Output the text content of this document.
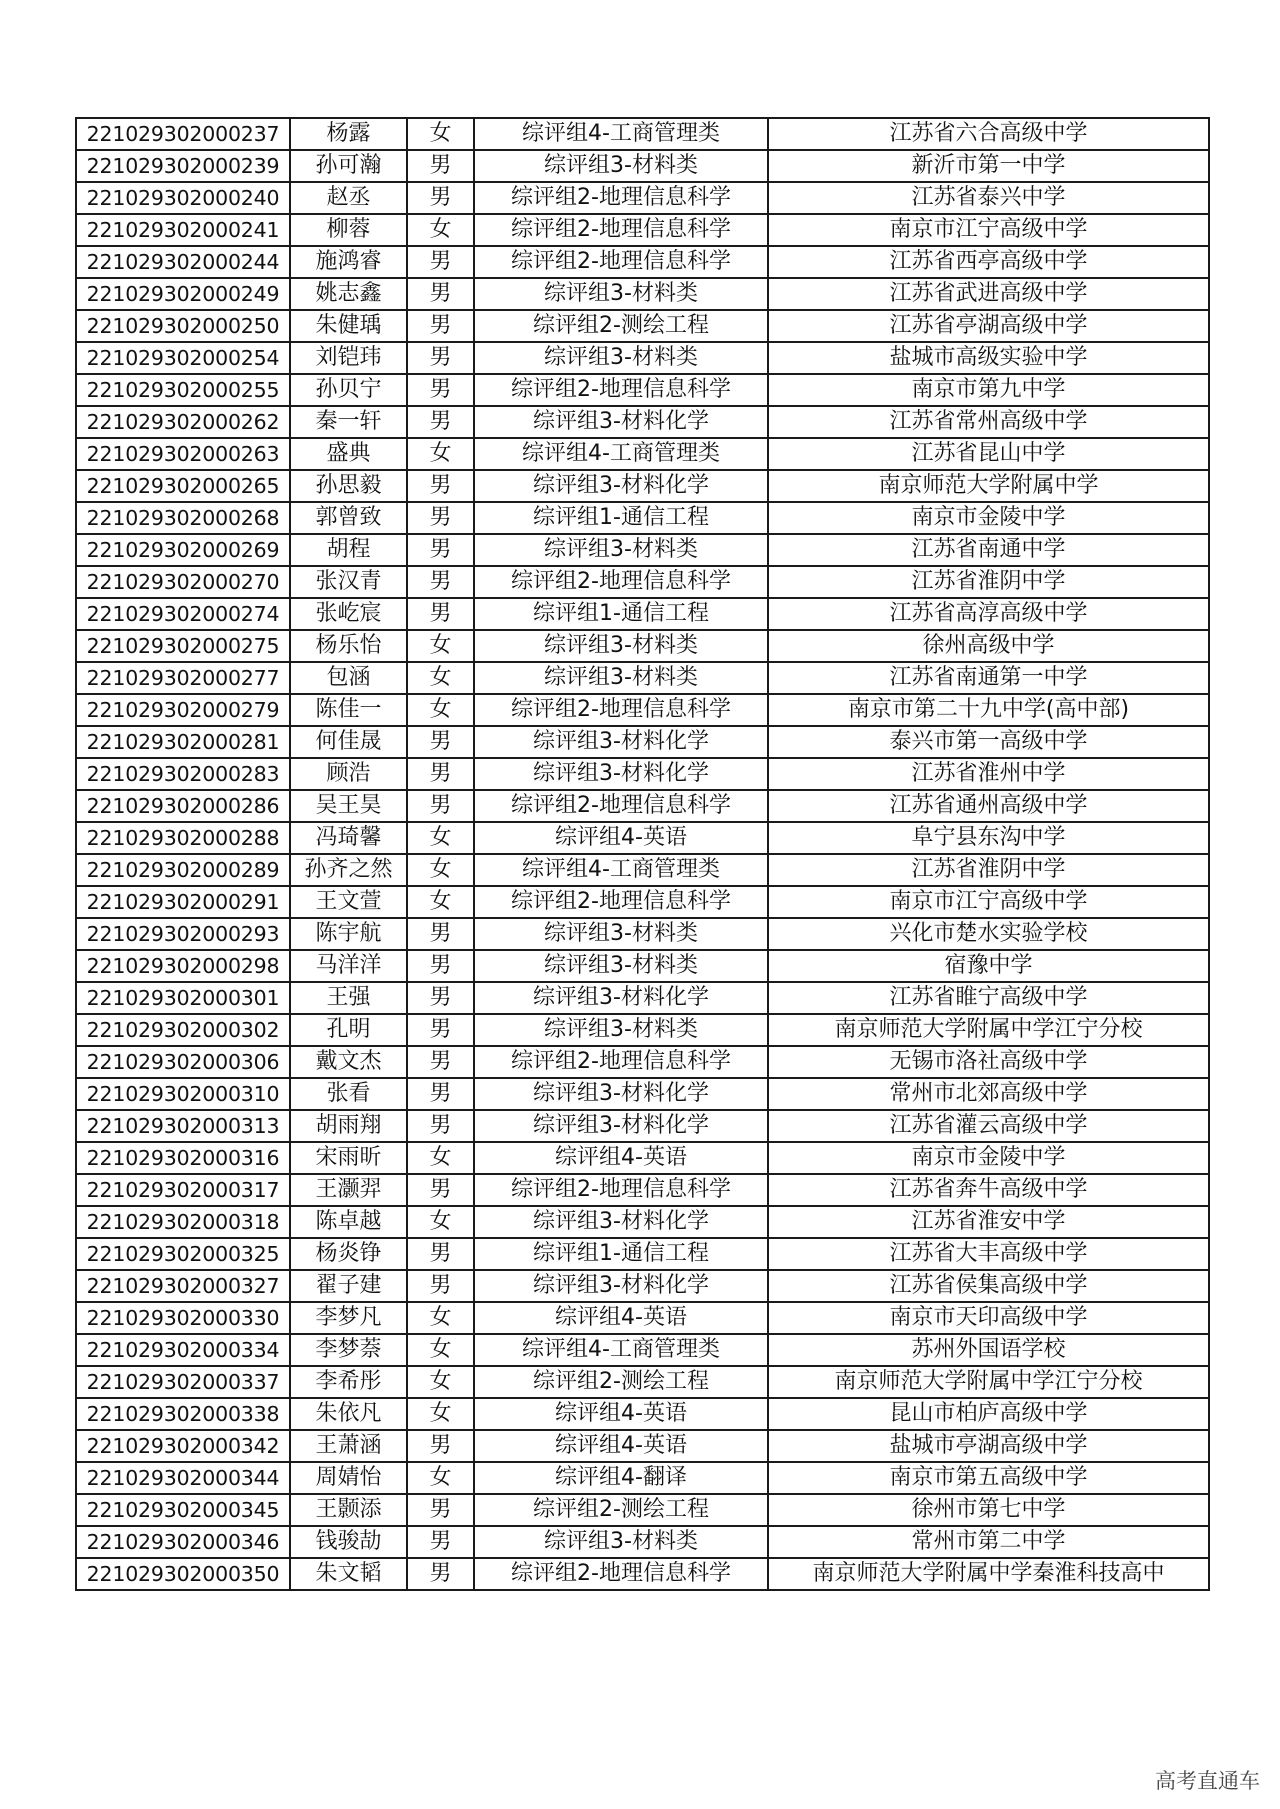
221029302000237	杨露	女	综评组4-工商管理类	江苏省六合高级中学
221029302000239	孙可瀚	男	综评组3-材料类	新沂市第一中学
221029302000240	赵丞	男	综评组2-地理信息科学	江苏省泰兴中学
221029302000241	柳蓉	女	综评组2-地理信息科学	南京市江宁高级中学
221029302000244	施鸿睿	男	综评组2-地理信息科学	江苏省西亭高级中学
221029302000249	姚志鑫	男	综评组3-材料类	江苏省武进高级中学
221029302000250	朱健瑀	男	综评组2-测绘工程	江苏省亭湖高级中学
221029302000254	刘铠玮	男	综评组3-材料类	盐城市高级实验中学
221029302000255	孙贝宁	男	综评组2-地理信息科学	南京市第九中学
221029302000262	秦一轩	男	综评组3-材料化学	江苏省常州高级中学
221029302000263	盛典	女	综评组4-工商管理类	江苏省昆山中学
221029302000265	孙思毅	男	综评组3-材料化学	南京师范大学附属中学
221029302000268	郭曾致	男	综评组1-通信工程	南京市金陵中学
221029302000269	胡程	男	综评组3-材料类	江苏省南通中学
221029302000270	张汉青	男	综评组2-地理信息科学	江苏省淮阴中学
221029302000274	张屹宸	男	综评组1-通信工程	江苏省高淳高级中学
221029302000275	杨乐怡	女	综评组3-材料类	徐州高级中学
221029302000277	包涵	女	综评组3-材料类	江苏省南通第一中学
221029302000279	陈佳一	女	综评组2-地理信息科学	南京市第二十九中学(高中部)
221029302000281	何佳晟	男	综评组3-材料化学	泰兴市第一高级中学
221029302000283	顾浩	男	综评组3-材料化学	江苏省淮州中学
221029302000286	吴王昊	男	综评组2-地理信息科学	江苏省通州高级中学
221029302000288	冯琦馨	女	综评组4-英语	阜宁县东沟中学
221029302000289	孙齐之然	女	综评组4-工商管理类	江苏省淮阴中学
221029302000291	王文萱	女	综评组2-地理信息科学	南京市江宁高级中学
221029302000293	陈宇航	男	综评组3-材料类	兴化市楚水实验学校
221029302000298	马洋洋	男	综评组3-材料类	宿豫中学
221029302000301	王强	男	综评组3-材料化学	江苏省睢宁高级中学
221029302000302	孔明	男	综评组3-材料类	南京师范大学附属中学江宁分校
221029302000306	戴文杰	男	综评组2-地理信息科学	无锡市洛社高级中学
221029302000310	张看	男	综评组3-材料化学	常州市北郊高级中学
221029302000313	胡雨翔	男	综评组3-材料化学	江苏省灌云高级中学
221029302000316	宋雨昕	女	综评组4-英语	南京市金陵中学
221029302000317	王灏羿	男	综评组2-地理信息科学	江苏省奔牛高级中学
221029302000318	陈卓越	女	综评组3-材料化学	江苏省淮安中学
221029302000325	杨炎铮	男	综评组1-通信工程	江苏省大丰高级中学
221029302000327	翟子建	男	综评组3-材料化学	江苏省侯集高级中学
221029302000330	李梦凡	女	综评组4-英语	南京市天印高级中学
221029302000334	李梦萘	女	综评组4-工商管理类	苏州外国语学校
221029302000337	李希彤	女	综评组2-测绘工程	南京师范大学附属中学江宁分校
221029302000338	朱依凡	女	综评组4-英语	昆山市柏庐高级中学
221029302000342	王萧涵	男	综评组4-英语	盐城市亭湖高级中学
221029302000344	周婧怡	女	综评组4-翻译	南京市第五高级中学
221029302000345	王颢添	男	综评组2-测绘工程	徐州市第七中学
221029302000346	钱骏劼	男	综评组3-材料类	常州市第二中学
221029302000350	朱文韬	男	综评组2-地理信息科学	南京师范大学附属中学秦淮科技高中
高考直通车
